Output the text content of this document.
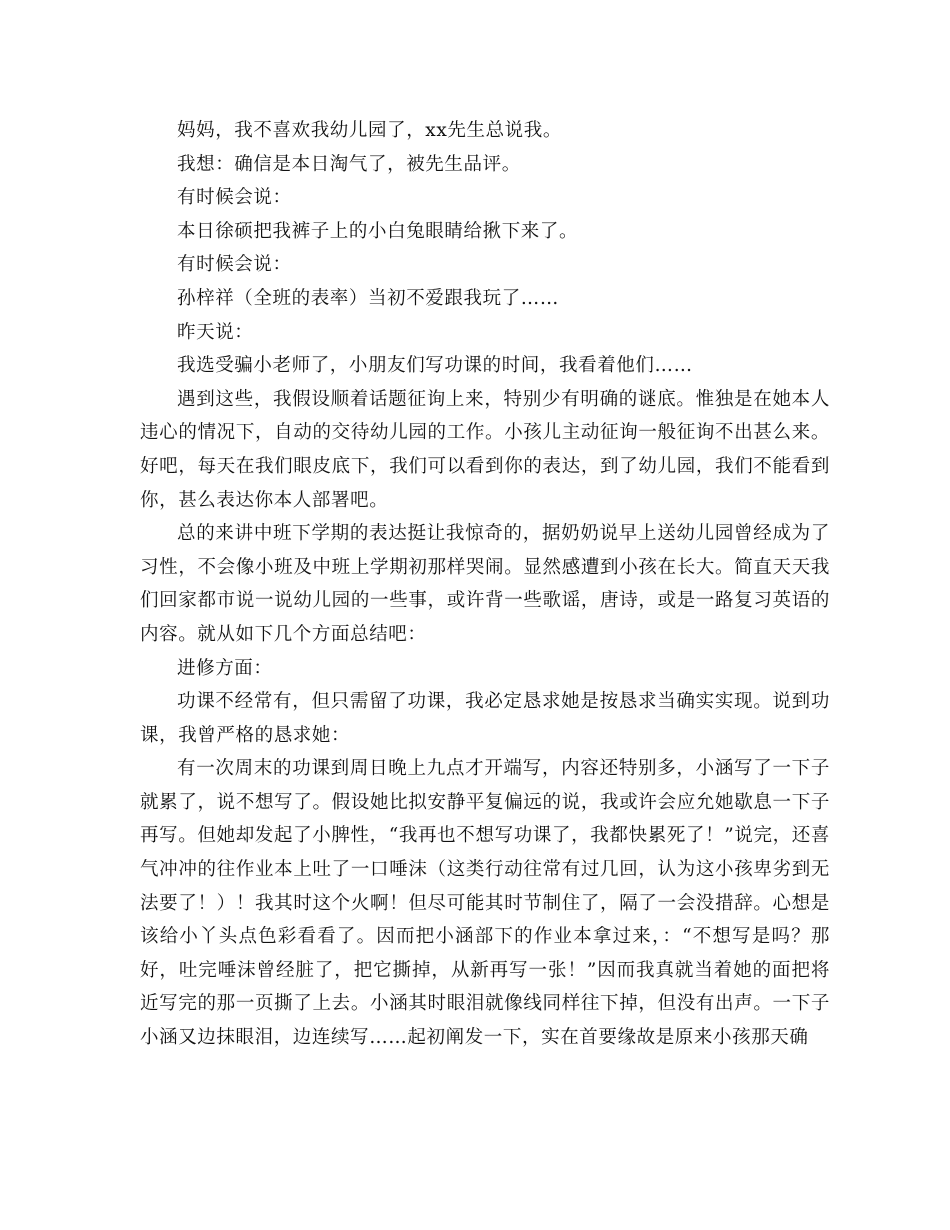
妈妈，我不喜欢我幼儿园了，xx先生总说我。

我想：确信是本日淘气了，被先生品评。

有时候会说：

本日徐硕把我裤子上的小白兔眼睛给揪下来了。

有时候会说：

孙梓祥（全班的表率）当初不爱跟我玩了……

昨天说：

我选受骗小老师了，小朋友们写功课的时间，我看着他们……

遇到这些，我假设顺着话题征询上来，特别少有明确的谜底。惟独是在她本人违心的情况下，自动的交待幼儿园的工作。小孩儿主动征询一般征询不出甚么来。好吧，每天在我们眼皮底下，我们可以看到你的表达，到了幼儿园，我们不能看到你，甚么表达你本人部署吧。

总的来讲中班下学期的表达挺让我惊奇的，据奶奶说早上送幼儿园曾经成为了习性，不会像小班及中班上学期初那样哭闹。显然感遭到小孩在长大。简直天天我们回家都市说一说幼儿园的一些事，或许背一些歌谣，唐诗，或是一路复习英语的内容。就从如下几个方面总结吧：

进修方面：

功课不经常有，但只需留了功课，我必定恳求她是按恳求当确实实现。说到功课，我曾严格的恳求她：

有一次周末的功课到周日晚上九点才开端写，内容还特别多，小涵写了一下子就累了，说不想写了。假设她比拟安静平复偏远的说，我或许会应允她歇息一下子再写。但她却发起了小脾性，“我再也不想写功课了，我都快累死了！”说完，还喜气冲冲的往作业本上吐了一口唾沫（这类行动往常有过几回，认为这小孩卑劣到无法要了！）！我其时这个火啊！但尽可能其时节制住了，隔了一会没措辞。心想是该给小丫头点色彩看看了。因而把小涵部下的作业本拿过来，：“不想写是吗？那好，吐完唾沫曾经脏了，把它撕掉，从新再写一张！”因而我真就当着她的面把将近写完的那一页撕了上去。小涵其时眼泪就像线同样往下掉，但没有出声。一下子小涵又边抹眼泪，边连续写……起初阐发一下，实在首要缘故是原来小孩那天确
